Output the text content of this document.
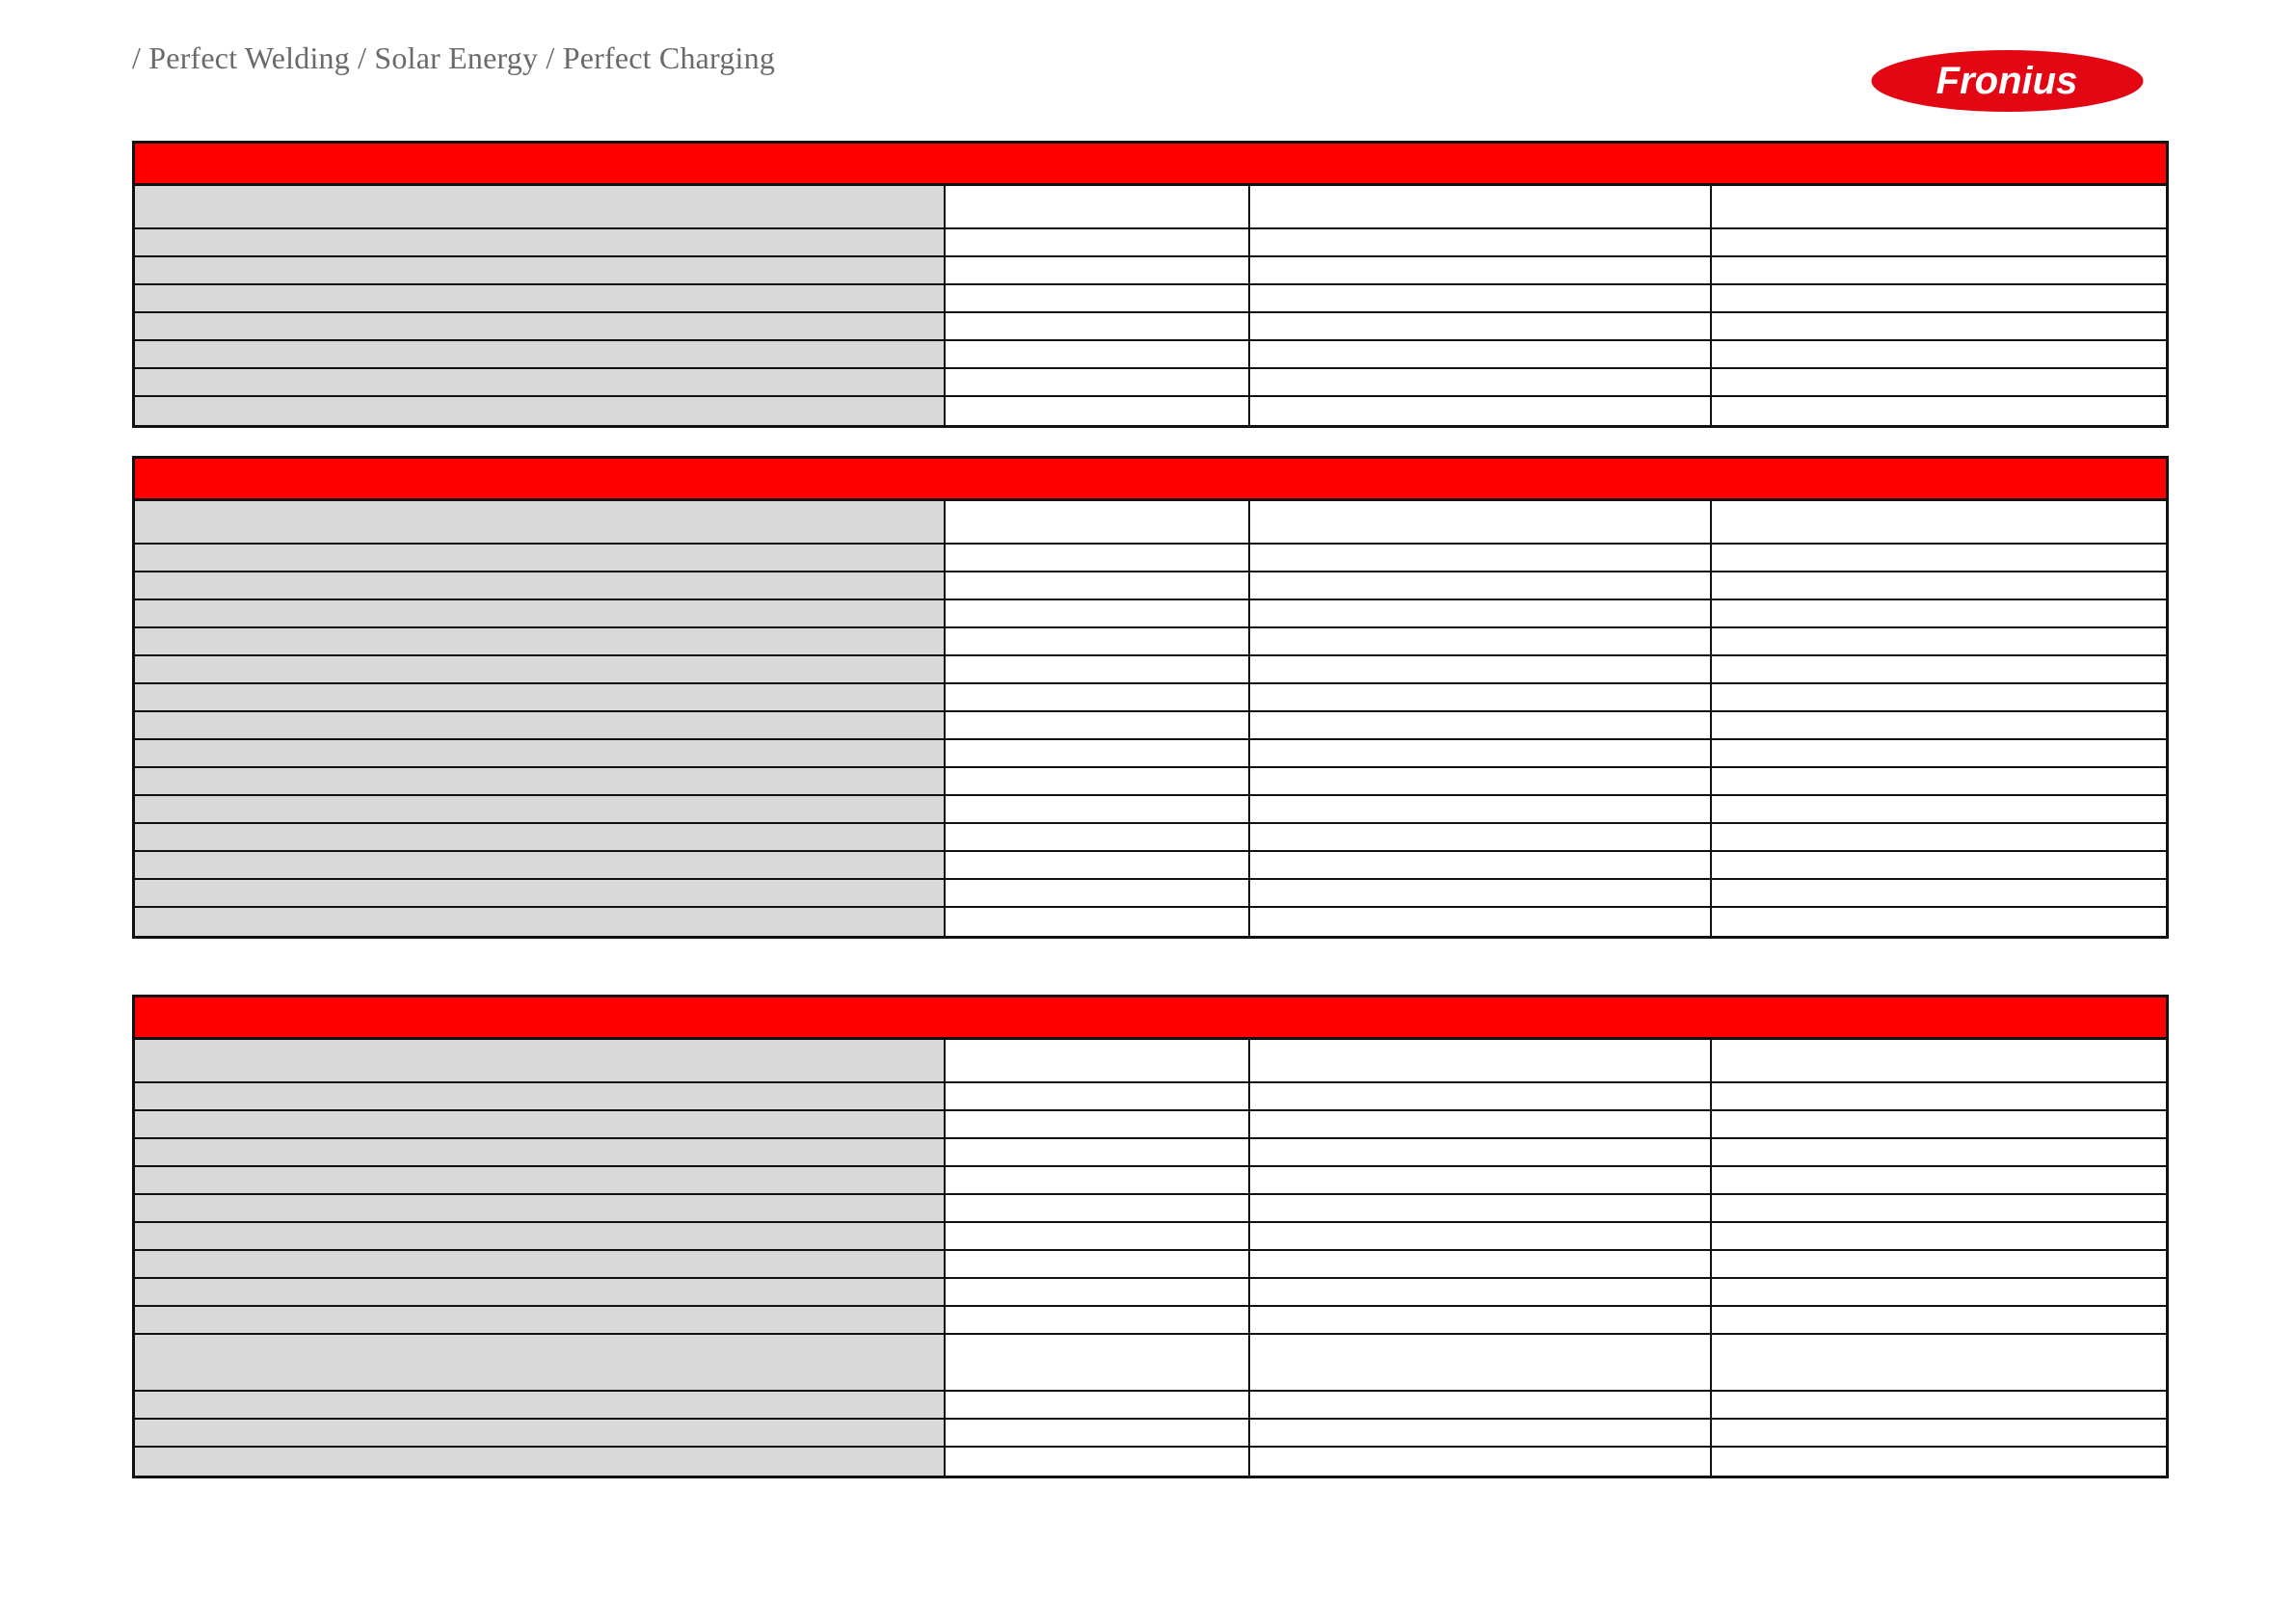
/ Perfect Welding / Solar Energy / Perfect Charging
Fronius
